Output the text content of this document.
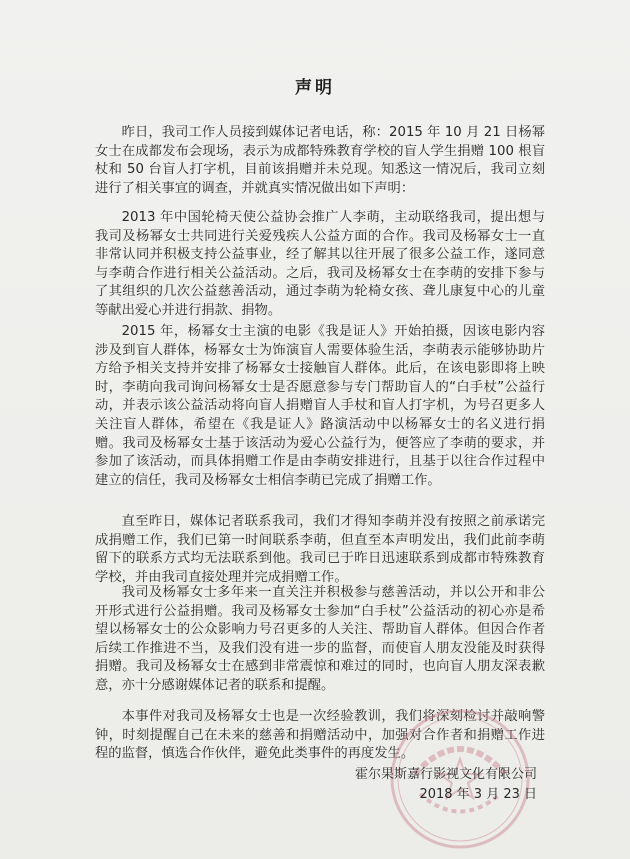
声明
昨日，我司工作人员接到媒体记者电话，称：2015 年 10 月 21 日杨幂女士在成都发布会现场，表示为成都特殊教育学校的盲人学生捐赠 100 根盲杖和 50 台盲人打字机，目前该捐赠并未兑现。知悉这一情况后，我司立刻进行了相关事宜的调查，并就真实情况做出如下声明：
2013 年中国轮椅天使公益协会推广人李萌，主动联络我司，提出想与我司及杨幂女士共同进行关爱残疾人公益方面的合作。我司及杨幂女士一直非常认同并积极支持公益事业，经了解其以往开展了很多公益工作，遂同意与李萌合作进行相关公益活动。之后，我司及杨幂女士在李萌的安排下参与了其组织的几次公益慈善活动，通过李萌为轮椅女孩、聋儿康复中心的儿童等献出爱心并进行捐款、捐物。
2015 年，杨幂女士主演的电影《我是证人》开始拍摄，因该电影内容涉及到盲人群体，杨幂女士为饰演盲人需要体验生活，李萌表示能够协助片方给予相关支持并安排了杨幂女士接触盲人群体。此后，在该电影即将上映时，李萌向我司询问杨幂女士是否愿意参与专门帮助盲人的“白手杖”公益行动，并表示该公益活动将向盲人捐赠盲人手杖和盲人打字机，为号召更多人关注盲人群体，希望在《我是证人》路演活动中以杨幂女士的名义进行捐赠。我司及杨幂女士基于该活动为爱心公益行为，便答应了李萌的要求，并参加了该活动，而具体捐赠工作是由李萌安排进行，且基于以往合作过程中建立的信任，我司及杨幂女士相信李萌已完成了捐赠工作。
直至昨日，媒体记者联系我司，我们才得知李萌并没有按照之前承诺完成捐赠工作，我们已第一时间联系李萌，但直至本声明发出，我们此前李萌留下的联系方式均无法联系到他。我司已于昨日迅速联系到成都市特殊教育学校，并由我司直接处理并完成捐赠工作。
我司及杨幂女士多年来一直关注并积极参与慈善活动，并以公开和非公开形式进行公益捐赠。我司及杨幂女士参加“白手杖”公益活动的初心亦是希望以杨幂女士的公众影响力号召更多的人关注、帮助盲人群体。但因合作者后续工作推进不当，及我们没有进一步的监督，而使盲人朋友没能及时获得捐赠。我司及杨幂女士在感到非常震惊和难过的同时，也向盲人朋友深表歉意，亦十分感谢媒体记者的联系和提醒。
本事件对我司及杨幂女士也是一次经验教训，我们将深刻检讨并敲响警钟，时刻提醒自己在未来的慈善和捐赠活动中，加强对合作者和捐赠工作进程的监督，慎选合作伙伴，避免此类事件的再度发生。
霍尔果斯嘉行影视文化有限公司
2018 年 3 月 23 日
